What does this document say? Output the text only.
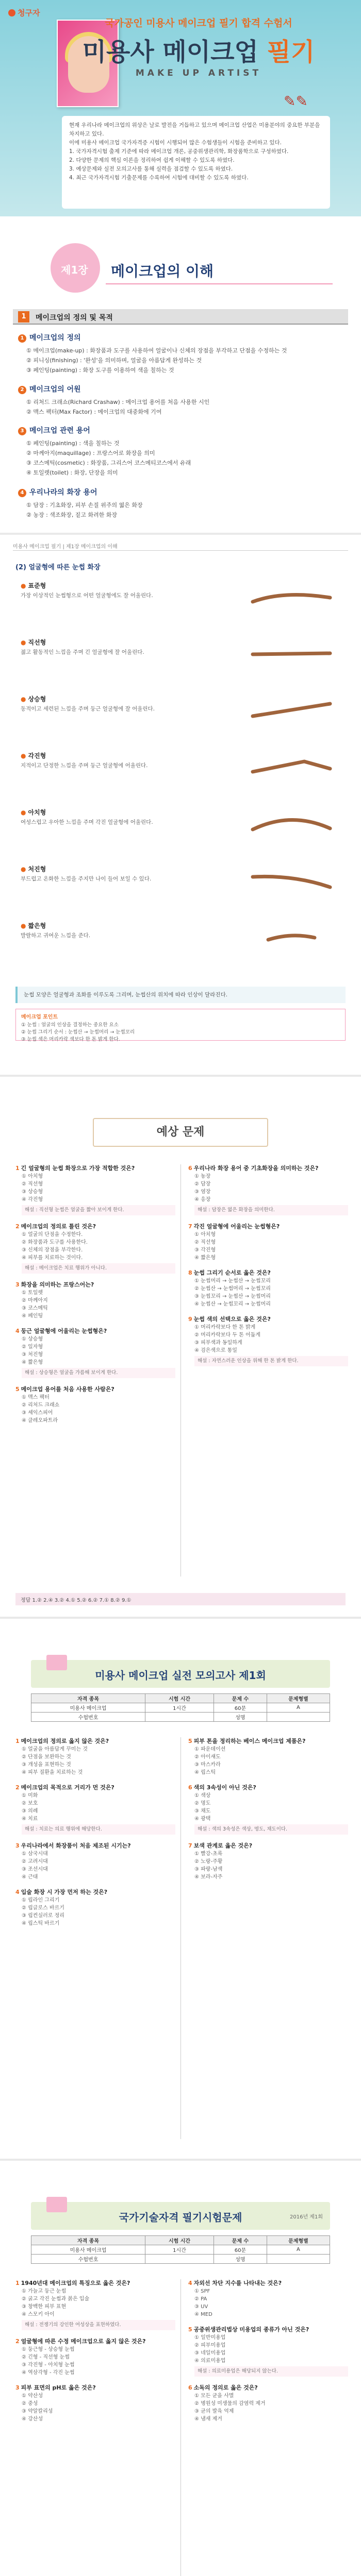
청구자
국가공인 미용사 메이크업 필기 합격 수험서
미용사 메이크업 필기
MAKE UP ARTIST
✎✎
현재 우리나라 메이크업의 위상은 날로 발전을 거듭하고 있으며 메이크업 산업은 미용분야의 중요한 부분을 차지하고 있다.
이에 미용사 메이크업 국가자격증 시험이 시행되어 많은 수험생들이 시험을 준비하고 있다.
1. 국가자격시험 출제 기준에 따라 메이크업 개론, 공중위생관리학, 화장품학으로 구성하였다.
2. 다양한 문제의 핵심 이론을 정리하여 쉽게 이해할 수 있도록 하였다.
3. 예상문제와 실전 모의고사를 통해 실력을 점검할 수 있도록 하였다.
4. 최근 국가자격시험 기출문제를 수록하여 시험에 대비할 수 있도록 하였다.
제1장 메이크업의 이해
1	메이크업의 정의 및 목적
1 메이크업의 정의
① 메이크업(make-up) : 화장품과 도구를 사용하여 얼굴이나 신체의 장점을 부각하고 단점을 수정하는 것
② 피니싱(finishing) : '완성'을 의미하며, 얼굴을 아름답게 완성하는 것
③ 페인팅(painting) : 화장 도구를 이용하여 색을 칠하는 것
2 메이크업의 어원
① 리처드 크래쇼(Richard Crashaw) : 메이크업 용어를 처음 사용한 시인
② 맥스 팩터(Max Factor) : 메이크업의 대중화에 기여
3 메이크업 관련 용어
① 페인팅(painting) : 색을 칠하는 것
② 마께아지(maquillage) : 프랑스어로 화장을 의미
③ 코스메틱(cosmetic) : 화장품, 그리스어 코스메티코스에서 유래
④ 토일렛(toilet) : 화장, 단장을 의미
4 우리나라의 화장 용어
① 담장 : 기초화장, 피부 손질 위주의 엷은 화장
② 농장 : 색조화장, 짙고 화려한 화장
미용사 메이크업 필기 | 제1장 메이크업의 이해
(2) 얼굴형에 따른 눈썹 화장
● 표준형
가장 이상적인 눈썹형으로 어떤 얼굴형에도 잘 어울린다.
● 직선형
젊고 활동적인 느낌을 주며 긴 얼굴형에 잘 어울린다.
● 상승형
동적이고 세련된 느낌을 주며 둥근 얼굴형에 잘 어울린다.
● 각진형
지적이고 단정한 느낌을 주며 둥근 얼굴형에 어울린다.
● 아치형
여성스럽고 우아한 느낌을 주며 각진 얼굴형에 어울린다.
● 처진형
부드럽고 온화한 느낌을 주지만 나이 들어 보일 수 있다.
● 짧은형
발랄하고 귀여운 느낌을 준다.
눈썹 모양은 얼굴형과 조화를 이루도록 그리며, 눈썹산의 위치에 따라 인상이 달라진다.
메이크업 포인트
① 눈썹 : 얼굴의 인상을 결정하는 중요한 요소
② 눈썹 그리기 순서 : 눈썹산 → 눈썹머리 → 눈썹꼬리
③ 눈썹 색은 머리카락 색보다 한 톤 밝게 한다.
예상 문제
1 긴 얼굴형의 눈썹 화장으로 가장 적합한 것은?
① 아치형
② 직선형
③ 상승형
④ 각진형
해설 : 직선형 눈썹은 얼굴을 짧아 보이게 한다.
2 메이크업의 정의로 틀린 것은?
① 얼굴의 단점을 수정한다.
② 화장품과 도구를 사용한다.
③ 신체의 장점을 부각한다.
④ 피부를 치료하는 것이다.
해설 : 메이크업은 치료 행위가 아니다.
3 화장을 의미하는 프랑스어는?
① 토일렛
② 마께아지
③ 코스메틱
④ 페인팅
4 둥근 얼굴형에 어울리는 눈썹형은?
① 상승형
② 일자형
③ 처진형
④ 짧은형
해설 : 상승형은 얼굴을 갸름해 보이게 한다.
5 메이크업 용어를 처음 사용한 사람은?
① 맥스 팩터
② 리처드 크래쇼
③ 셰익스피어
④ 클레오파트라
6 우리나라 화장 용어 중 기초화장을 의미하는 것은?
① 농장
② 담장
③ 염장
④ 응장
해설 : 담장은 엷은 화장을 의미한다.
7 각진 얼굴형에 어울리는 눈썹형은?
① 아치형
② 직선형
③ 각진형
④ 짧은형
8 눈썹 그리기 순서로 옳은 것은?
① 눈썹머리 → 눈썹산 → 눈썹꼬리
② 눈썹산 → 눈썹머리 → 눈썹꼬리
③ 눈썹꼬리 → 눈썹산 → 눈썹머리
④ 눈썹산 → 눈썹꼬리 → 눈썹머리
9 눈썹 색의 선택으로 옳은 것은?
① 머리카락보다 한 톤 밝게
② 머리카락보다 두 톤 어둡게
③ 피부색과 동일하게
④ 검은색으로 통일
해설 : 자연스러운 인상을 위해 한 톤 밝게 한다.
정답 1.② 2.④ 3.② 4.① 5.② 6.② 7.① 8.② 9.①
미용사 메이크업 실전 모의고사 제1회
자격 종목	시험 시간	문제 수	문제형별
미용사 메이크업	1시간	60문	A
수험번호		성명	
1 메이크업의 정의로 옳지 않은 것은?
① 얼굴을 아름답게 꾸미는 것
② 단점을 보완하는 것
③ 개성을 표현하는 것
④ 피부 질환을 치료하는 것
2 메이크업의 목적으로 거리가 먼 것은?
① 미화
② 보호
③ 의례
④ 치료
해설 : 치료는 의료 행위에 해당한다.
3 우리나라에서 화장품이 처음 제조된 시기는?
① 삼국시대
② 고려시대
③ 조선시대
④ 근대
4 입술 화장 시 가장 먼저 하는 것은?
① 립라인 그리기
② 립글로스 바르기
③ 립컨실러로 정리
④ 립스틱 바르기
5 피부 톤을 정리하는 베이스 메이크업 제품은?
① 파운데이션
② 아이섀도
③ 마스카라
④ 립스틱
6 색의 3속성이 아닌 것은?
① 색상
② 명도
③ 채도
④ 광택
해설 : 색의 3속성은 색상, 명도, 채도이다.
7 보색 관계로 옳은 것은?
① 빨강-초록
② 노랑-주황
③ 파랑-남색
④ 보라-자주
국가기술자격 필기시험문제	2016년 제1회
자격 종목	시험 시간	문제 수	문제형별
미용사 메이크업	1시간	60문	A
수험번호		성명	
1 1940년대 메이크업의 특징으로 옳은 것은?
① 가늘고 둥근 눈썹
② 굵고 각진 눈썹과 붉은 입술
③ 창백한 피부 표현
④ 스모키 아이
해설 : 전쟁기의 강인한 여성상을 표현하였다.
2 얼굴형에 따른 수정 메이크업으로 옳지 않은 것은?
① 둥근형 - 상승형 눈썹
② 긴형 - 직선형 눈썹
③ 각진형 - 아치형 눈썹
④ 역삼각형 - 각진 눈썹
3 피부 표면의 pH로 옳은 것은?
① 약산성
② 중성
③ 약알칼리성
④ 강산성
4 자외선 차단 지수를 나타내는 것은?
① SPF
② PA
③ UV
④ MED
5 공중위생관리법상 미용업의 종류가 아닌 것은?
① 일반미용업
② 피부미용업
③ 네일미용업
④ 의료미용업
해설 : 의료미용업은 해당되지 않는다.
6 소독의 정의로 옳은 것은?
① 모든 균을 사멸
② 병원성 미생물의 감염력 제거
③ 균의 발육 억제
④ 냄새 제거
